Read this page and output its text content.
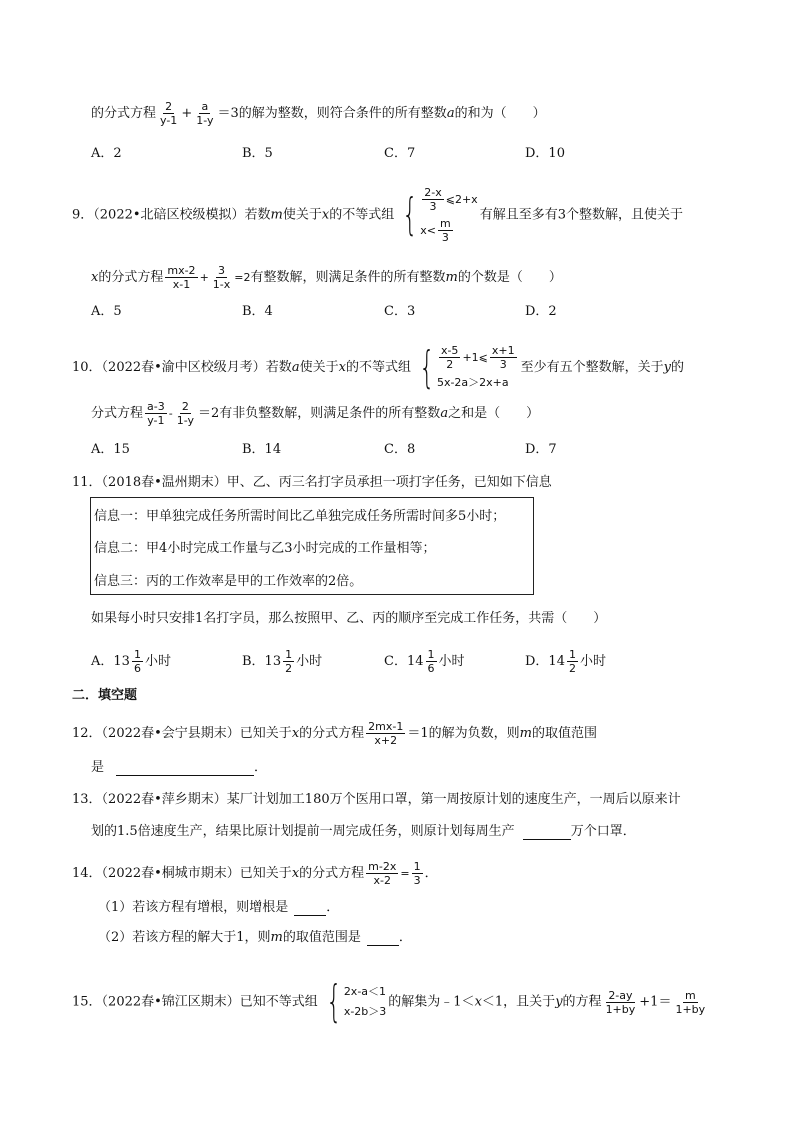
的分式方程 $\frac{2}{y-1} + \frac{a}{1-y} =3$的解为整数，则符合条件的所有整数a的和为（　　）
A．2	B．5	C．7	D．10
9．（2022•北碚区校级模拟）若数m使关于x的不等式组 { $\frac{2-x}{3}$ ⩽2+x
$x< \frac{m}{3}$
有解且至多有3个整数解，且使关于
x的分式方程 $\frac{mx-2}{x-1} + \frac{3}{1-x} =2$有整数解，则满足条件的所有整数m的个数是（　　）
A．5	B．4	C．3	D．2
10．（2022春•渝中区校级月考）若数a使关于x的不等式组 { $\frac{x-5}{2}$ +1⩽ $\frac{x+1}{3}$
5x-2a＞2x+a
至少有五个整数解，关于y的
分式方程 $\frac{a-3}{y-1} - \frac{2}{1-y} =2$有非负整数解，则满足条件的所有整数a之和是（　　）
A．15	B．14	C．8	D．7
11．（2018春•温州期末）甲、乙、丙三名打字员承担一项打字任务，已知如下信息
信息一：甲单独完成任务所需时间比乙单独完成任务所需时间多5小时；
信息二：甲4小时完成工作量与乙3小时完成的工作量相等；
信息三：丙的工作效率是甲的工作效率的2倍。
如果每小时只安排1名打字员，那么按照甲、乙、丙的顺序至完成工作任务，共需（　　）
A．$13 \frac{1}{6}$ 小时	B．$13 \frac{1}{2}$ 小时	C．$14 \frac{1}{6}$ 小时	D．$14 \frac{1}{2}$ 小时
二．填空题
12．（2022春•会宁县期末）已知关于x的分式方程 $\frac{2mx-1}{x+2} =1$的解为负数，则m的取值范围
是	．
13．（2022春•萍乡期末）某厂计划加工180万个医用口罩，第一周按原计划的速度生产，一周后以原来计
划的1.5倍速度生产，结果比原计划提前一周完成任务，则原计划每周生产	万个口罩．
14．（2022春•桐城市期末）已知关于x的分式方程 $\frac{m-2x}{x-2} = \frac{1}{3}$ ．
（1）若该方程有增根，则增根是	．
（2）若该方程的解大于1，则m的取值范围是	．
15．（2022春•锦江区期末）已知不等式组 { 2x-a＜1
x-2b＞3
的解集为﹣1＜x＜1，且关于y的方程 $\frac{2-ay}{1+by} +1= \frac{m}{1+by}$
